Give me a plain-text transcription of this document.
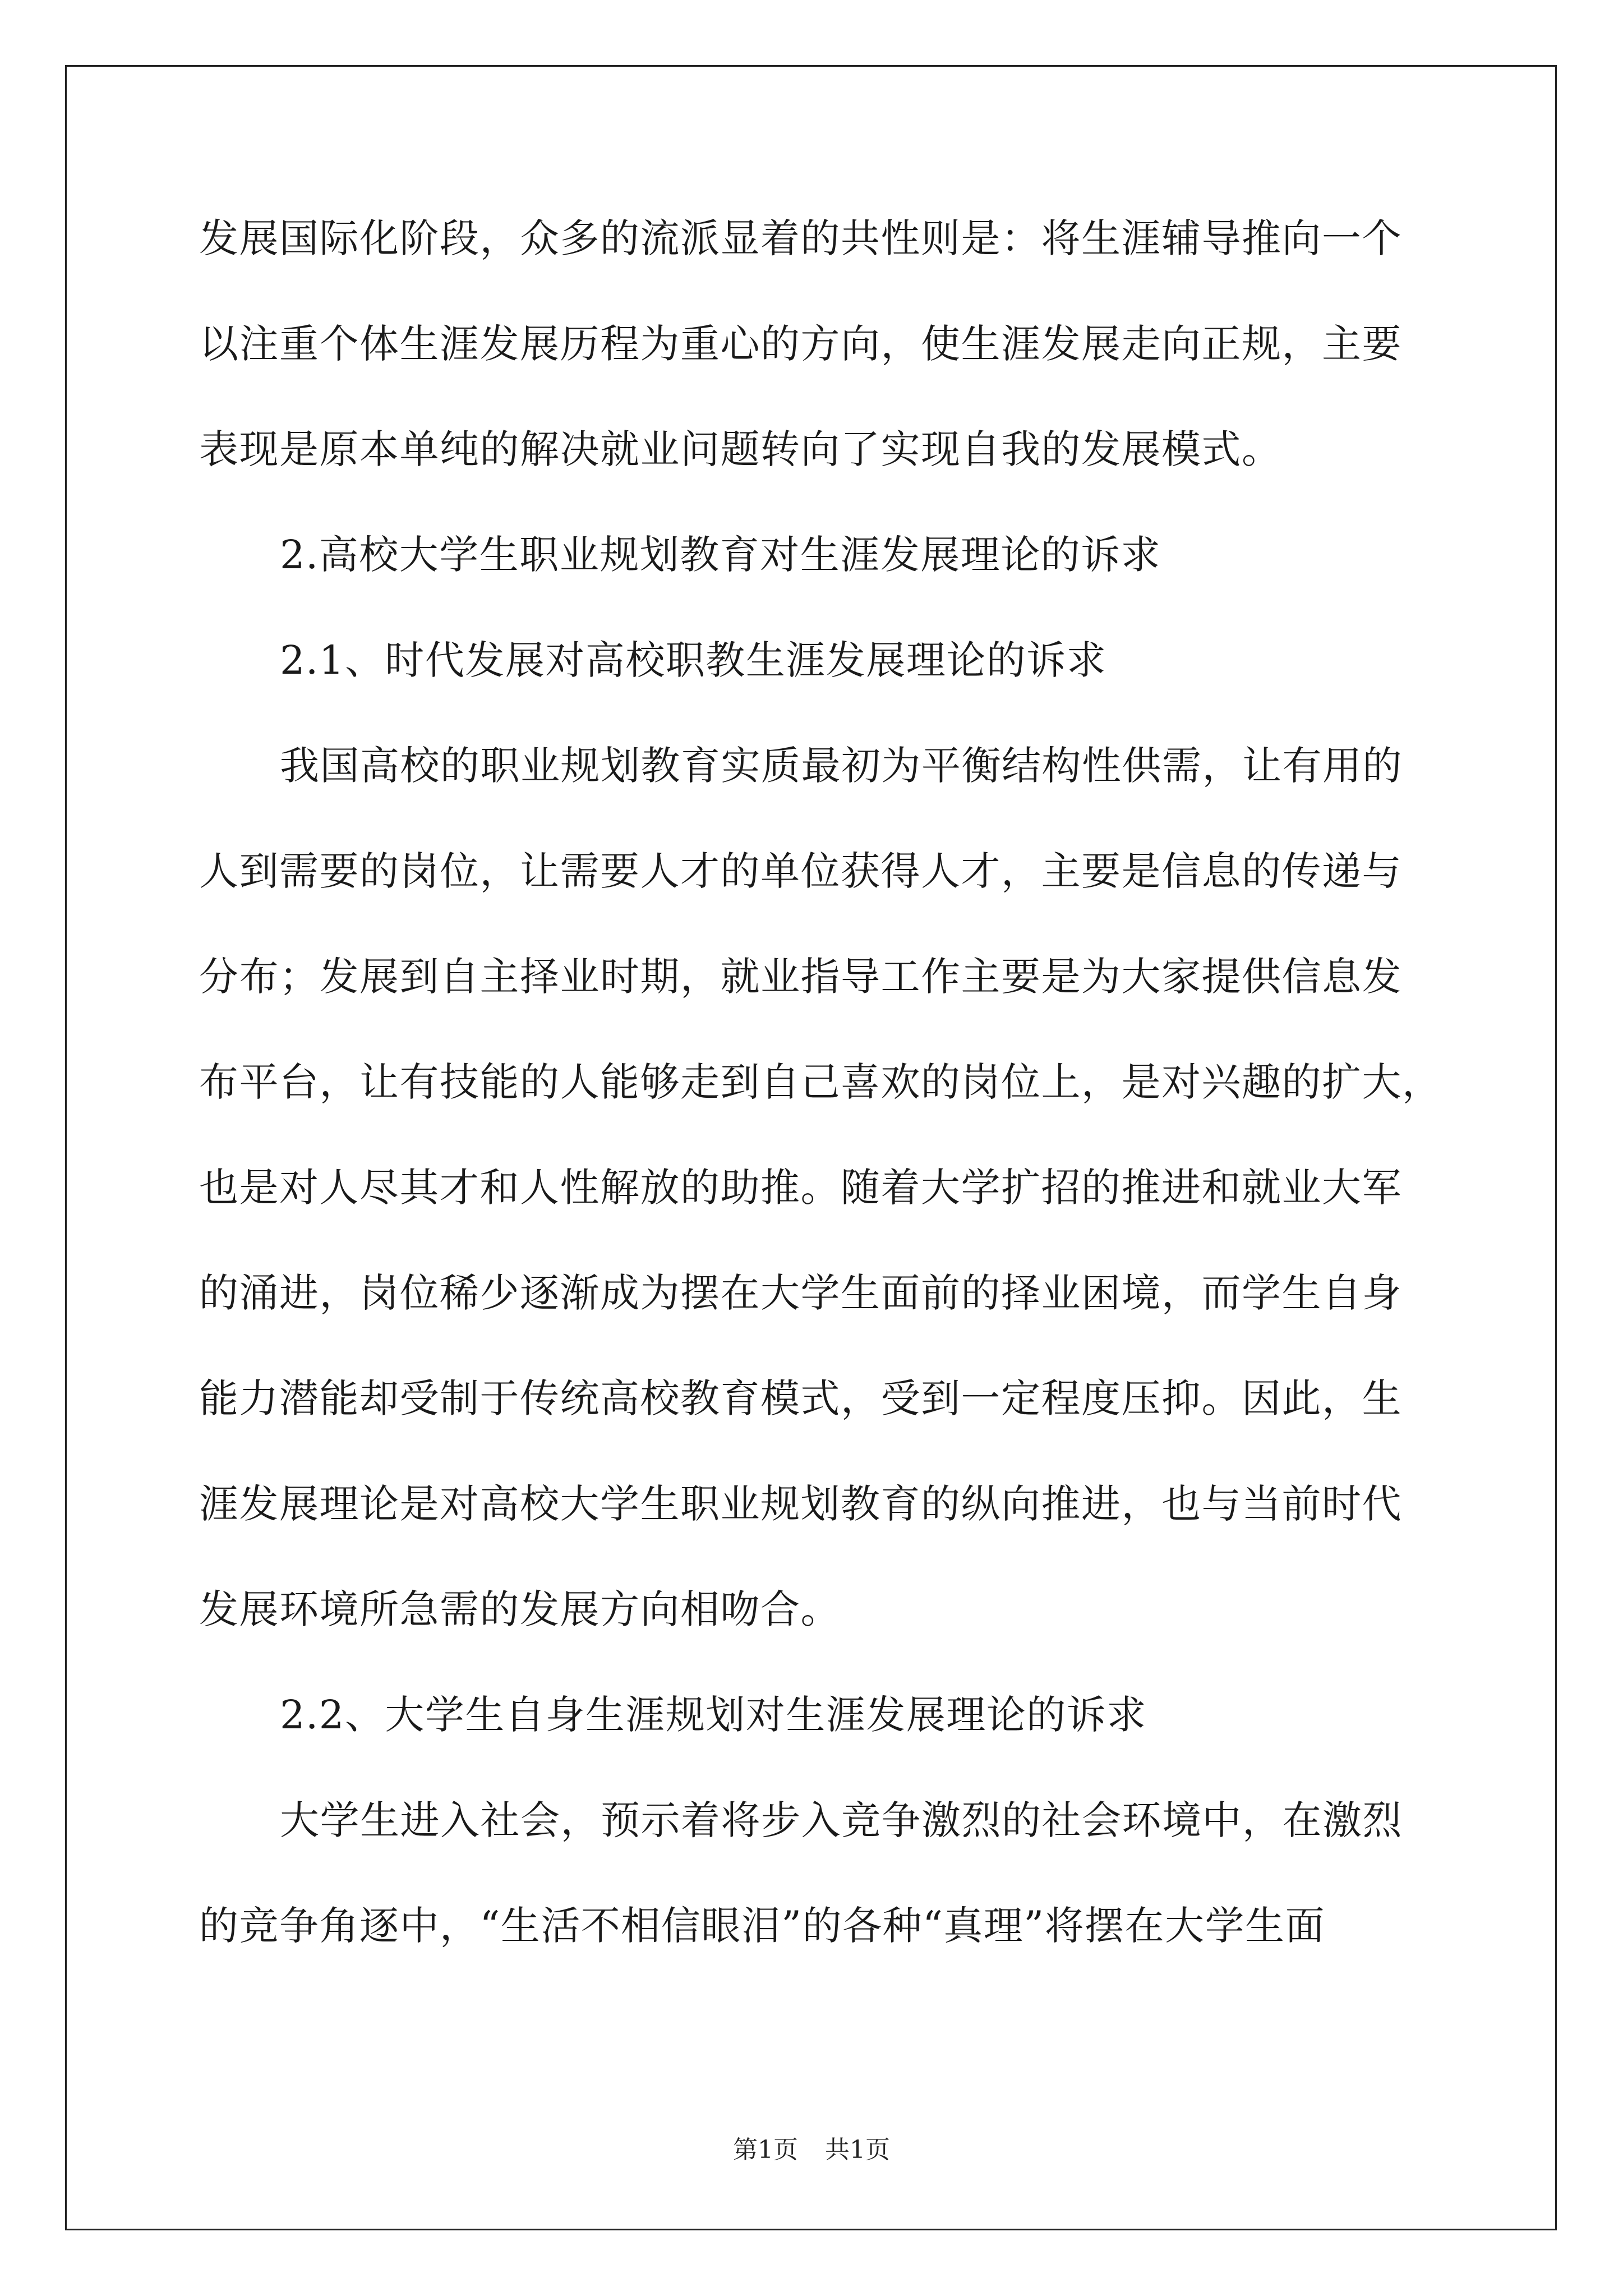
发展国际化阶段，众多的流派显着的共性则是：将生涯辅导推向一个

以注重个体生涯发展历程为重心的方向，使生涯发展走向正规，主要

表现是原本单纯的解决就业问题转向了实现自我的发展模式。

2.高校大学生职业规划教育对生涯发展理论的诉求

2.1、时代发展对高校职教生涯发展理论的诉求

我国高校的职业规划教育实质最初为平衡结构性供需，让有用的

人到需要的岗位，让需要人才的单位获得人才，主要是信息的传递与

分布；发展到自主择业时期，就业指导工作主要是为大家提供信息发

布平台，让有技能的人能够走到自己喜欢的岗位上，是对兴趣的扩大，

也是对人尽其才和人性解放的助推。随着大学扩招的推进和就业大军

的涌进，岗位稀少逐渐成为摆在大学生面前的择业困境，而学生自身

能力潜能却受制于传统高校教育模式，受到一定程度压抑。因此，生

涯发展理论是对高校大学生职业规划教育的纵向推进，也与当前时代

发展环境所急需的发展方向相吻合。

2.2、大学生自身生涯规划对生涯发展理论的诉求

大学生进入社会，预示着将步入竞争激烈的社会环境中，在激烈

的竞争角逐中，“生活不相信眼泪”的各种“真理”将摆在大学生面

第1页 共1页
